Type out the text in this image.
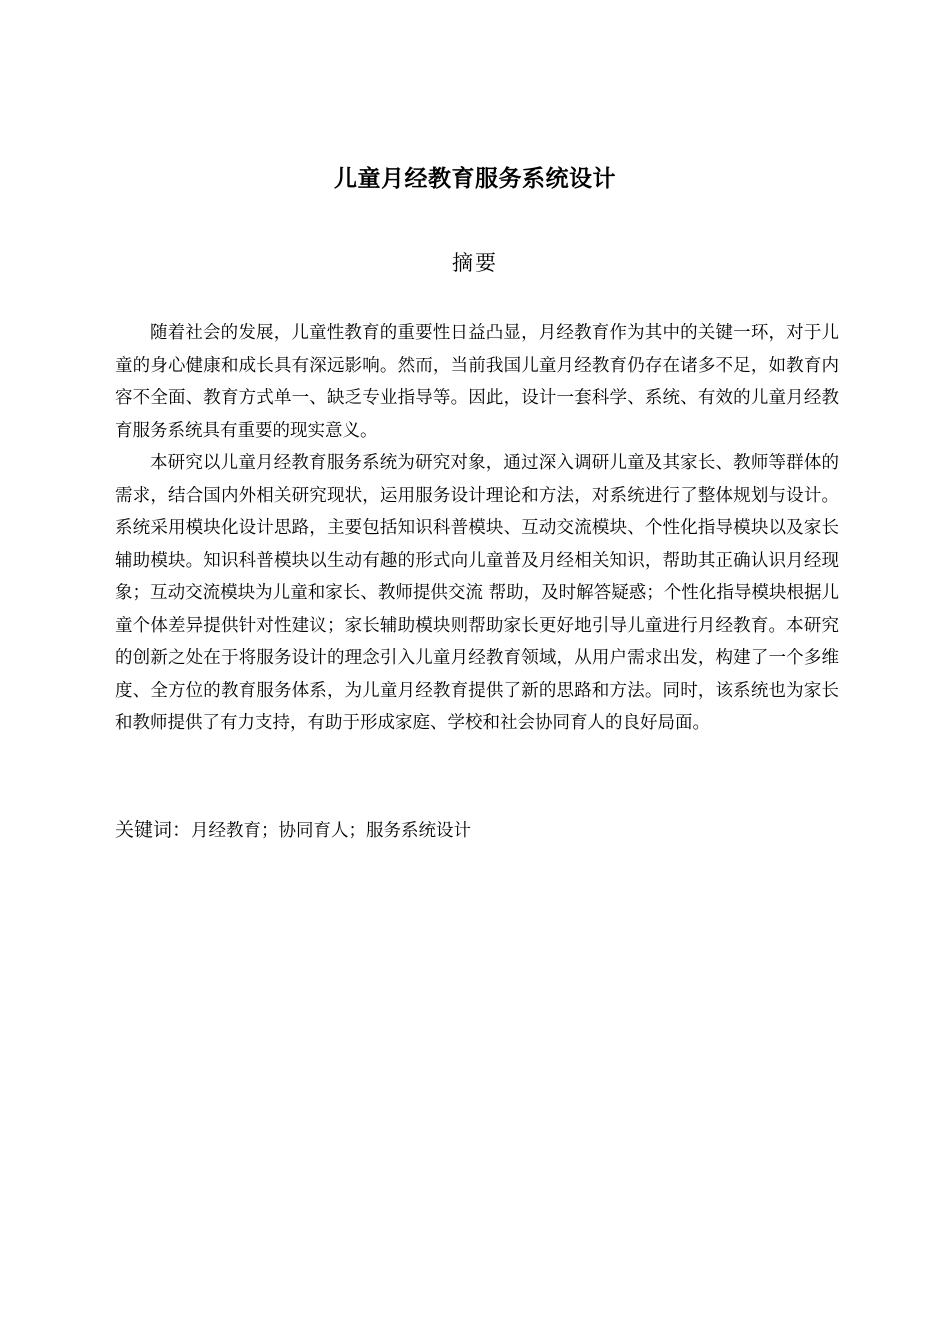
儿童月经教育服务系统设计
摘要

随着社会的发展，儿童性教育的重要性日益凸显，月经教育作为其中的关键一环，对于儿童的身心健康和成长具有深远影响。然而，当前我国儿童月经教育仍存在诸多不足，如教育内容不全面、教育方式单一、缺乏专业指导等。因此，设计一套科学、系统、有效的儿童月经教育服务系统具有重要的现实意义。

本研究以儿童月经教育服务系统为研究对象，通过深入调研儿童及其家长、教师等群体的需求，结合国内外相关研究现状，运用服务设计理论和方法，对系统进行了整体规划与设计。系统采用模块化设计思路，主要包括知识科普模块、互动交流模块、个性化指导模块以及家长辅助模块。知识科普模块以生动有趣的形式向儿童普及月经相关知识，帮助其正确认识月经现象；互动交流模块为儿童和家长、教师提供交流 帮助，及时解答疑惑；个性化指导模块根据儿童个体差异提供针对性建议；家长辅助模块则帮助家长更好地引导儿童进行月经教育。本研究的创新之处在于将服务设计的理念引入儿童月经教育领域，从用户需求出发，构建了一个多维度、全方位的教育服务体系，为儿童月经教育提供了新的思路和方法。同时，该系统也为家长和教师提供了有力支持，有助于形成家庭、学校和社会协同育人的良好局面。

关键词：月经教育；协同育人；服务系统设计
